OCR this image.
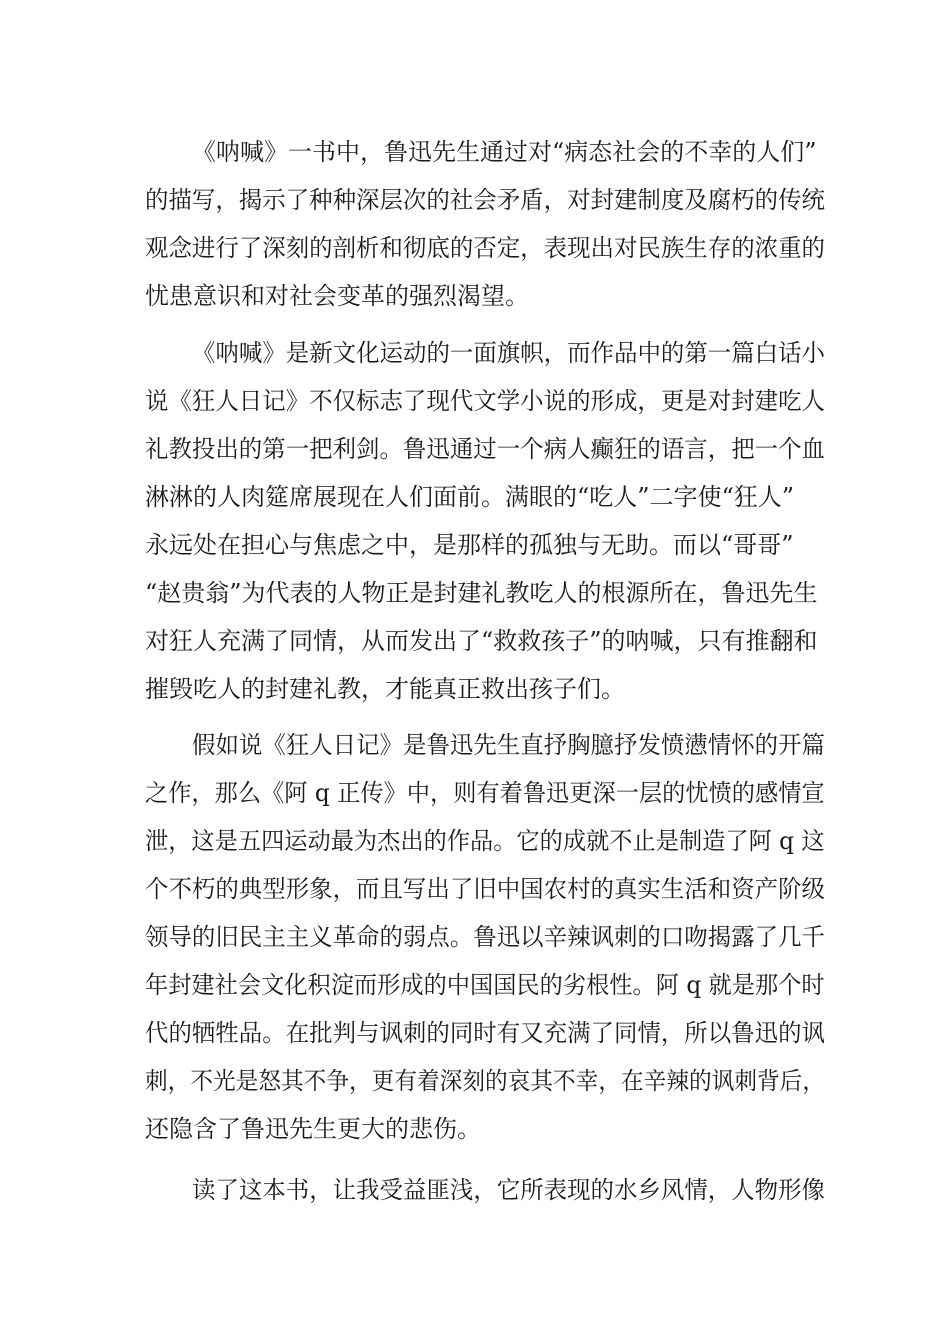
《呐喊》一书中，鲁迅先生通过对“病态社会的不幸的人们”
的描写，揭示了种种深层次的社会矛盾，对封建制度及腐朽的传统
观念进行了深刻的剖析和彻底的否定，表现出对民族生存的浓重的
忧患意识和对社会变革的强烈渴望。
《呐喊》是新文化运动的一面旗帜，而作品中的第一篇白话小
说《狂人日记》不仅标志了现代文学小说的形成，更是对封建吃人
礼教投出的第一把利剑。鲁迅通过一个病人癫狂的语言，把一个血
淋淋的人肉筵席展现在人们面前。满眼的“吃人”二字使“狂人”
永远处在担心与焦虑之中，是那样的孤独与无助。而以“哥哥”
“赵贵翁”为代表的人物正是封建礼教吃人的根源所在，鲁迅先生
对狂人充满了同情，从而发出了“救救孩子”的呐喊，只有推翻和
摧毁吃人的封建礼教，才能真正救出孩子们。
假如说《狂人日记》是鲁迅先生直抒胸臆抒发愤懑情怀的开篇
之作，那么《阿 q 正传》中，则有着鲁迅更深一层的忧愤的感情宣
泄，这是五四运动最为杰出的作品。它的成就不止是制造了阿 q 这
个不朽的典型形象，而且写出了旧中国农村的真实生活和资产阶级
领导的旧民主主义革命的弱点。鲁迅以辛辣讽刺的口吻揭露了几千
年封建社会文化积淀而形成的中国国民的劣根性。阿 q 就是那个时
代的牺牲品。在批判与讽刺的同时有又充满了同情，所以鲁迅的讽
刺，不光是怒其不争，更有着深刻的哀其不幸，在辛辣的讽刺背后，
还隐含了鲁迅先生更大的悲伤。
读了这本书，让我受益匪浅，它所表现的水乡风情，人物形像
